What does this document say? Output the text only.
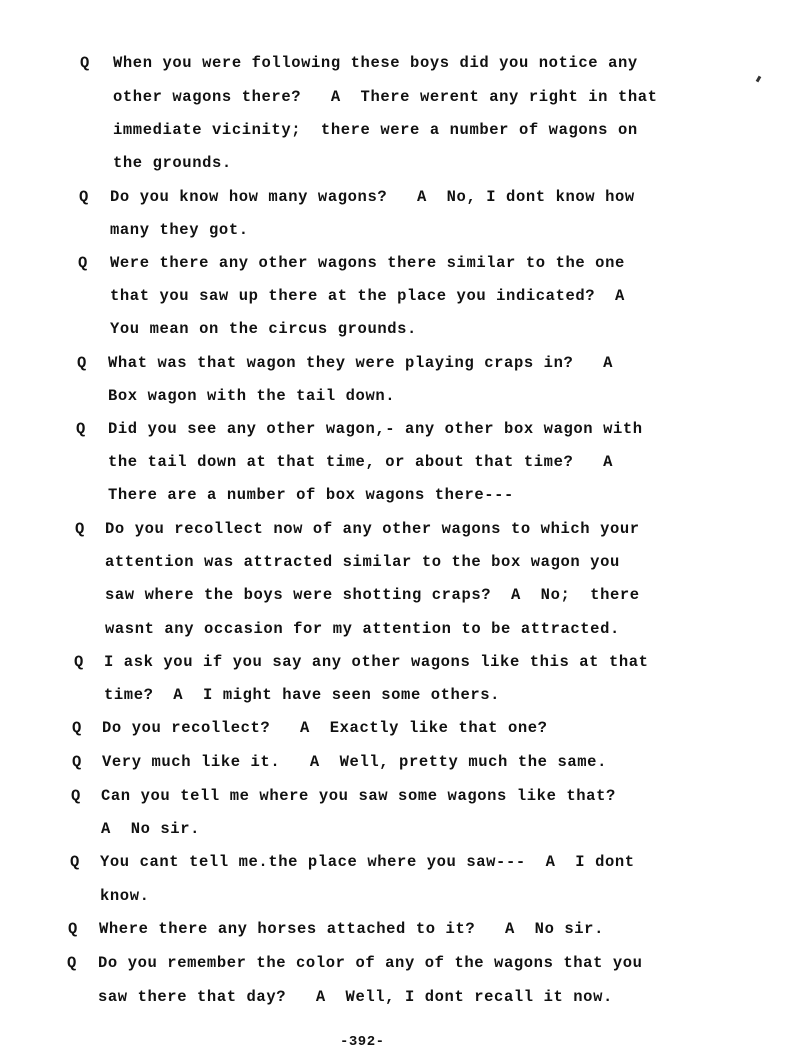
Q When you were following these boys did you notice any
other wagons there?   A  There werent any right in that
immediate vicinity;  there were a number of wagons on
the grounds.
Q Do you know how many wagons?   A  No, I dont know how
many they got.
Q Were there any other wagons there similar to the one
that you saw up there at the place you indicated?  A
You mean on the circus grounds.
Q What was that wagon they were playing craps in?   A
Box wagon with the tail down.
Q Did you see any other wagon,- any other box wagon with
the tail down at that time, or about that time?   A
There are a number of box wagons there---
Q Do you recollect now of any other wagons to which your
attention was attracted similar to the box wagon you
saw where the boys were shotting craps?  A  No;  there
wasnt any occasion for my attention to be attracted.
Q I ask you if you say any other wagons like this at that
time?  A  I might have seen some others.
Q Do you recollect?   A  Exactly like that one?
Q Very much like it.   A  Well, pretty much the same.
Q Can you tell me where you saw some wagons like that?
A  No sir.
Q You cant tell me.the place where you saw---  A  I dont
know.
Q Where there any horses attached to it?   A  No sir.
Q Do you remember the color of any of the wagons that you
saw there that day?   A  Well, I dont recall it now.
-392-
